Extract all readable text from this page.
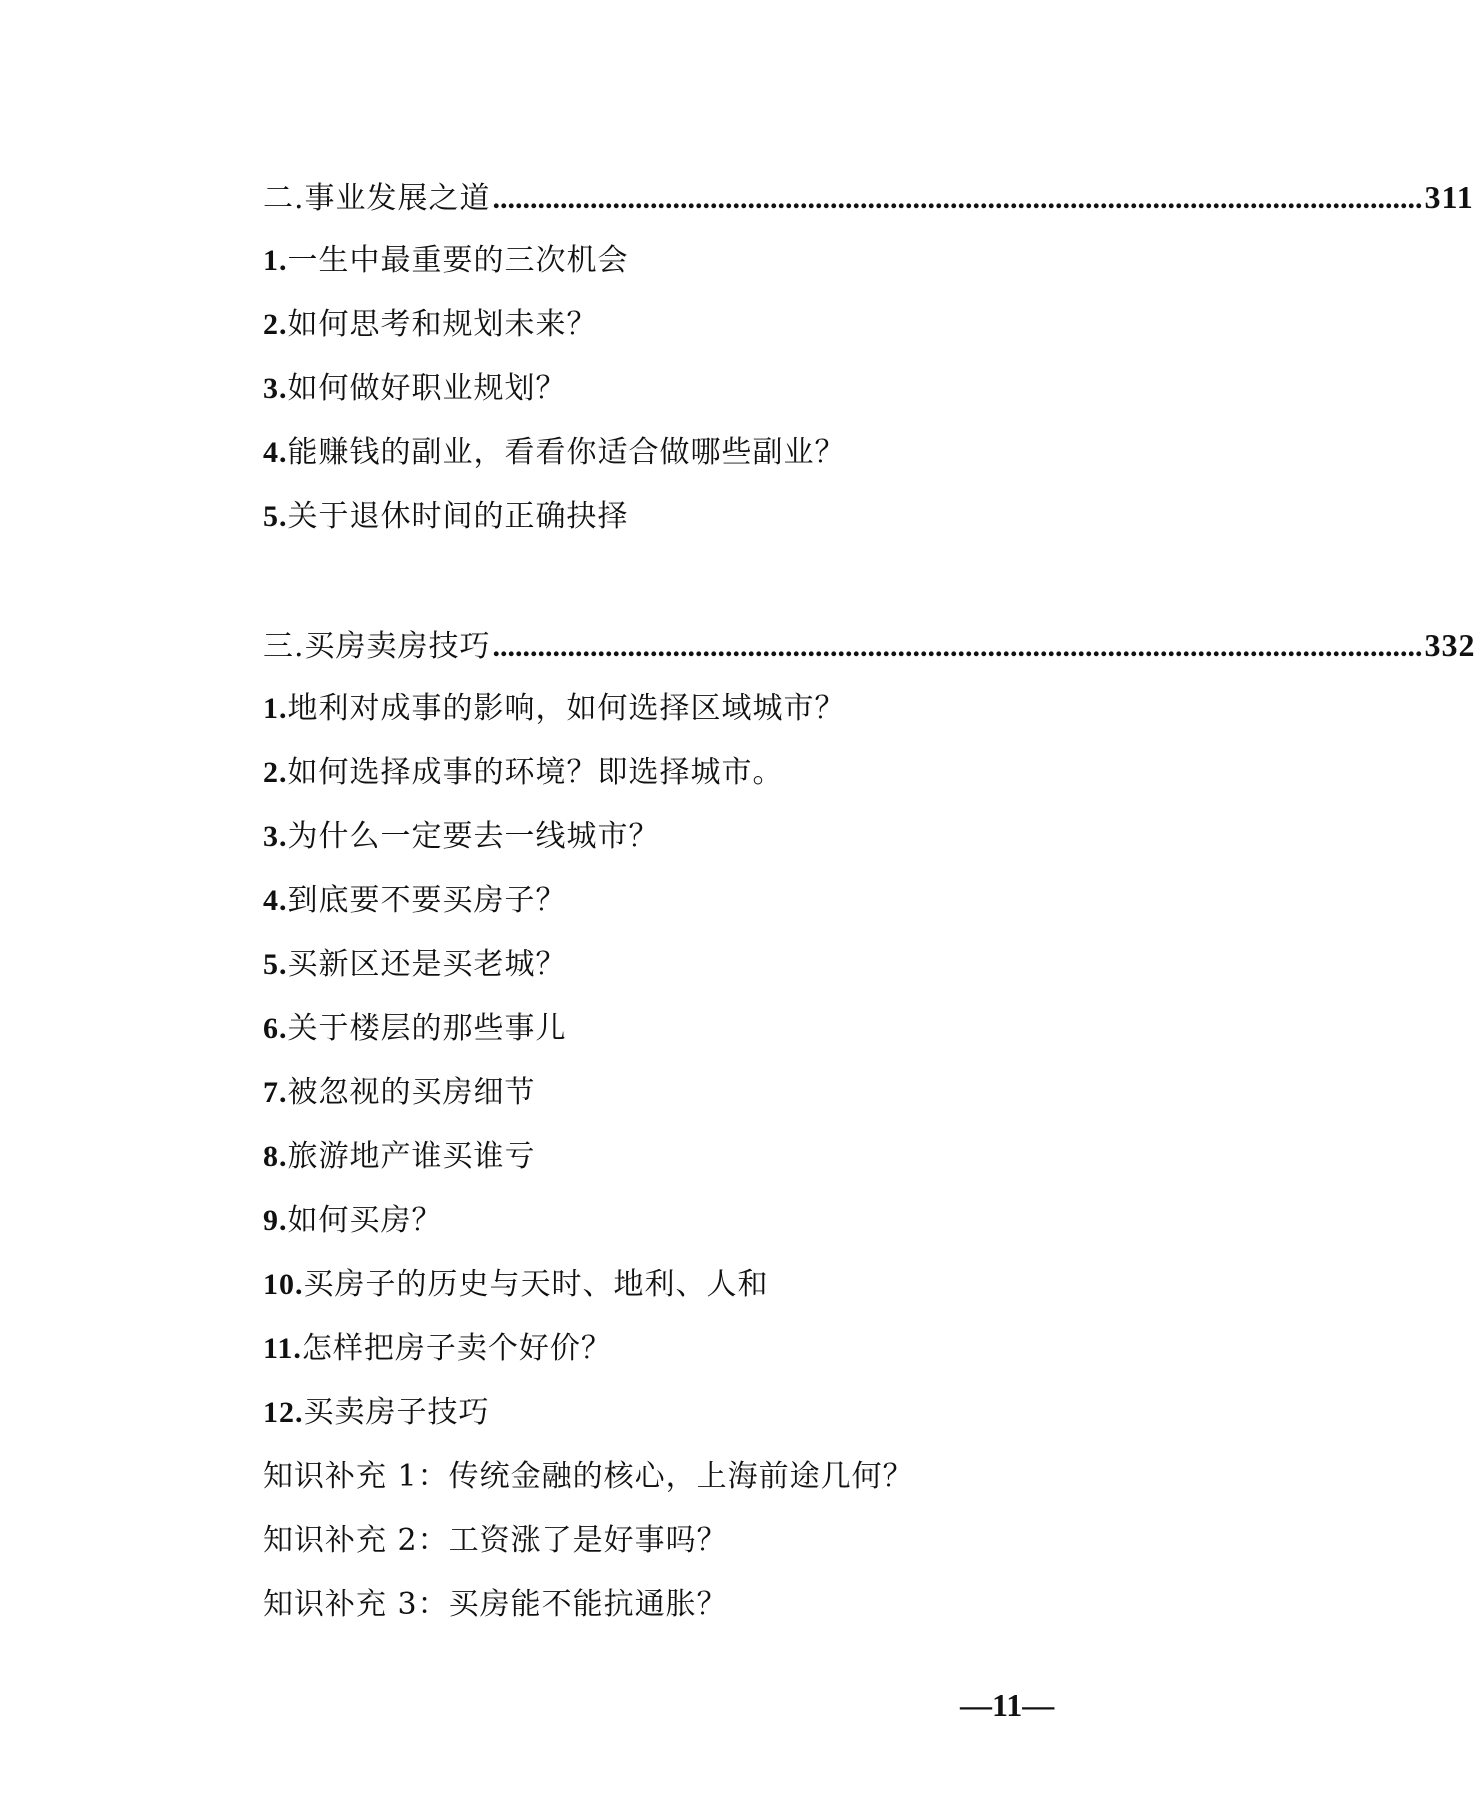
二.事业发展之道 ............................................................................................................................ 311
1.一生中最重要的三次机会
2.如何思考和规划未来？
3.如何做好职业规划？
4.能赚钱的副业，看看你适合做哪些副业？
5.关于退休时间的正确抉择
三.买房卖房技巧 ............................................................................................................................ 332
1.地利对成事的影响，如何选择区域城市？
2.如何选择成事的环境？即选择城市。
3.为什么一定要去一线城市？
4.到底要不要买房子？
5.买新区还是买老城？
6.关于楼层的那些事儿
7.被忽视的买房细节
8.旅游地产谁买谁亏
9.如何买房？
10.买房子的历史与天时、地利、人和
11.怎样把房子卖个好价？
12.买卖房子技巧
知识补充 1：传统金融的核心，上海前途几何？
知识补充 2：工资涨了是好事吗？
知识补充 3：买房能不能抗通胀？
—11—
